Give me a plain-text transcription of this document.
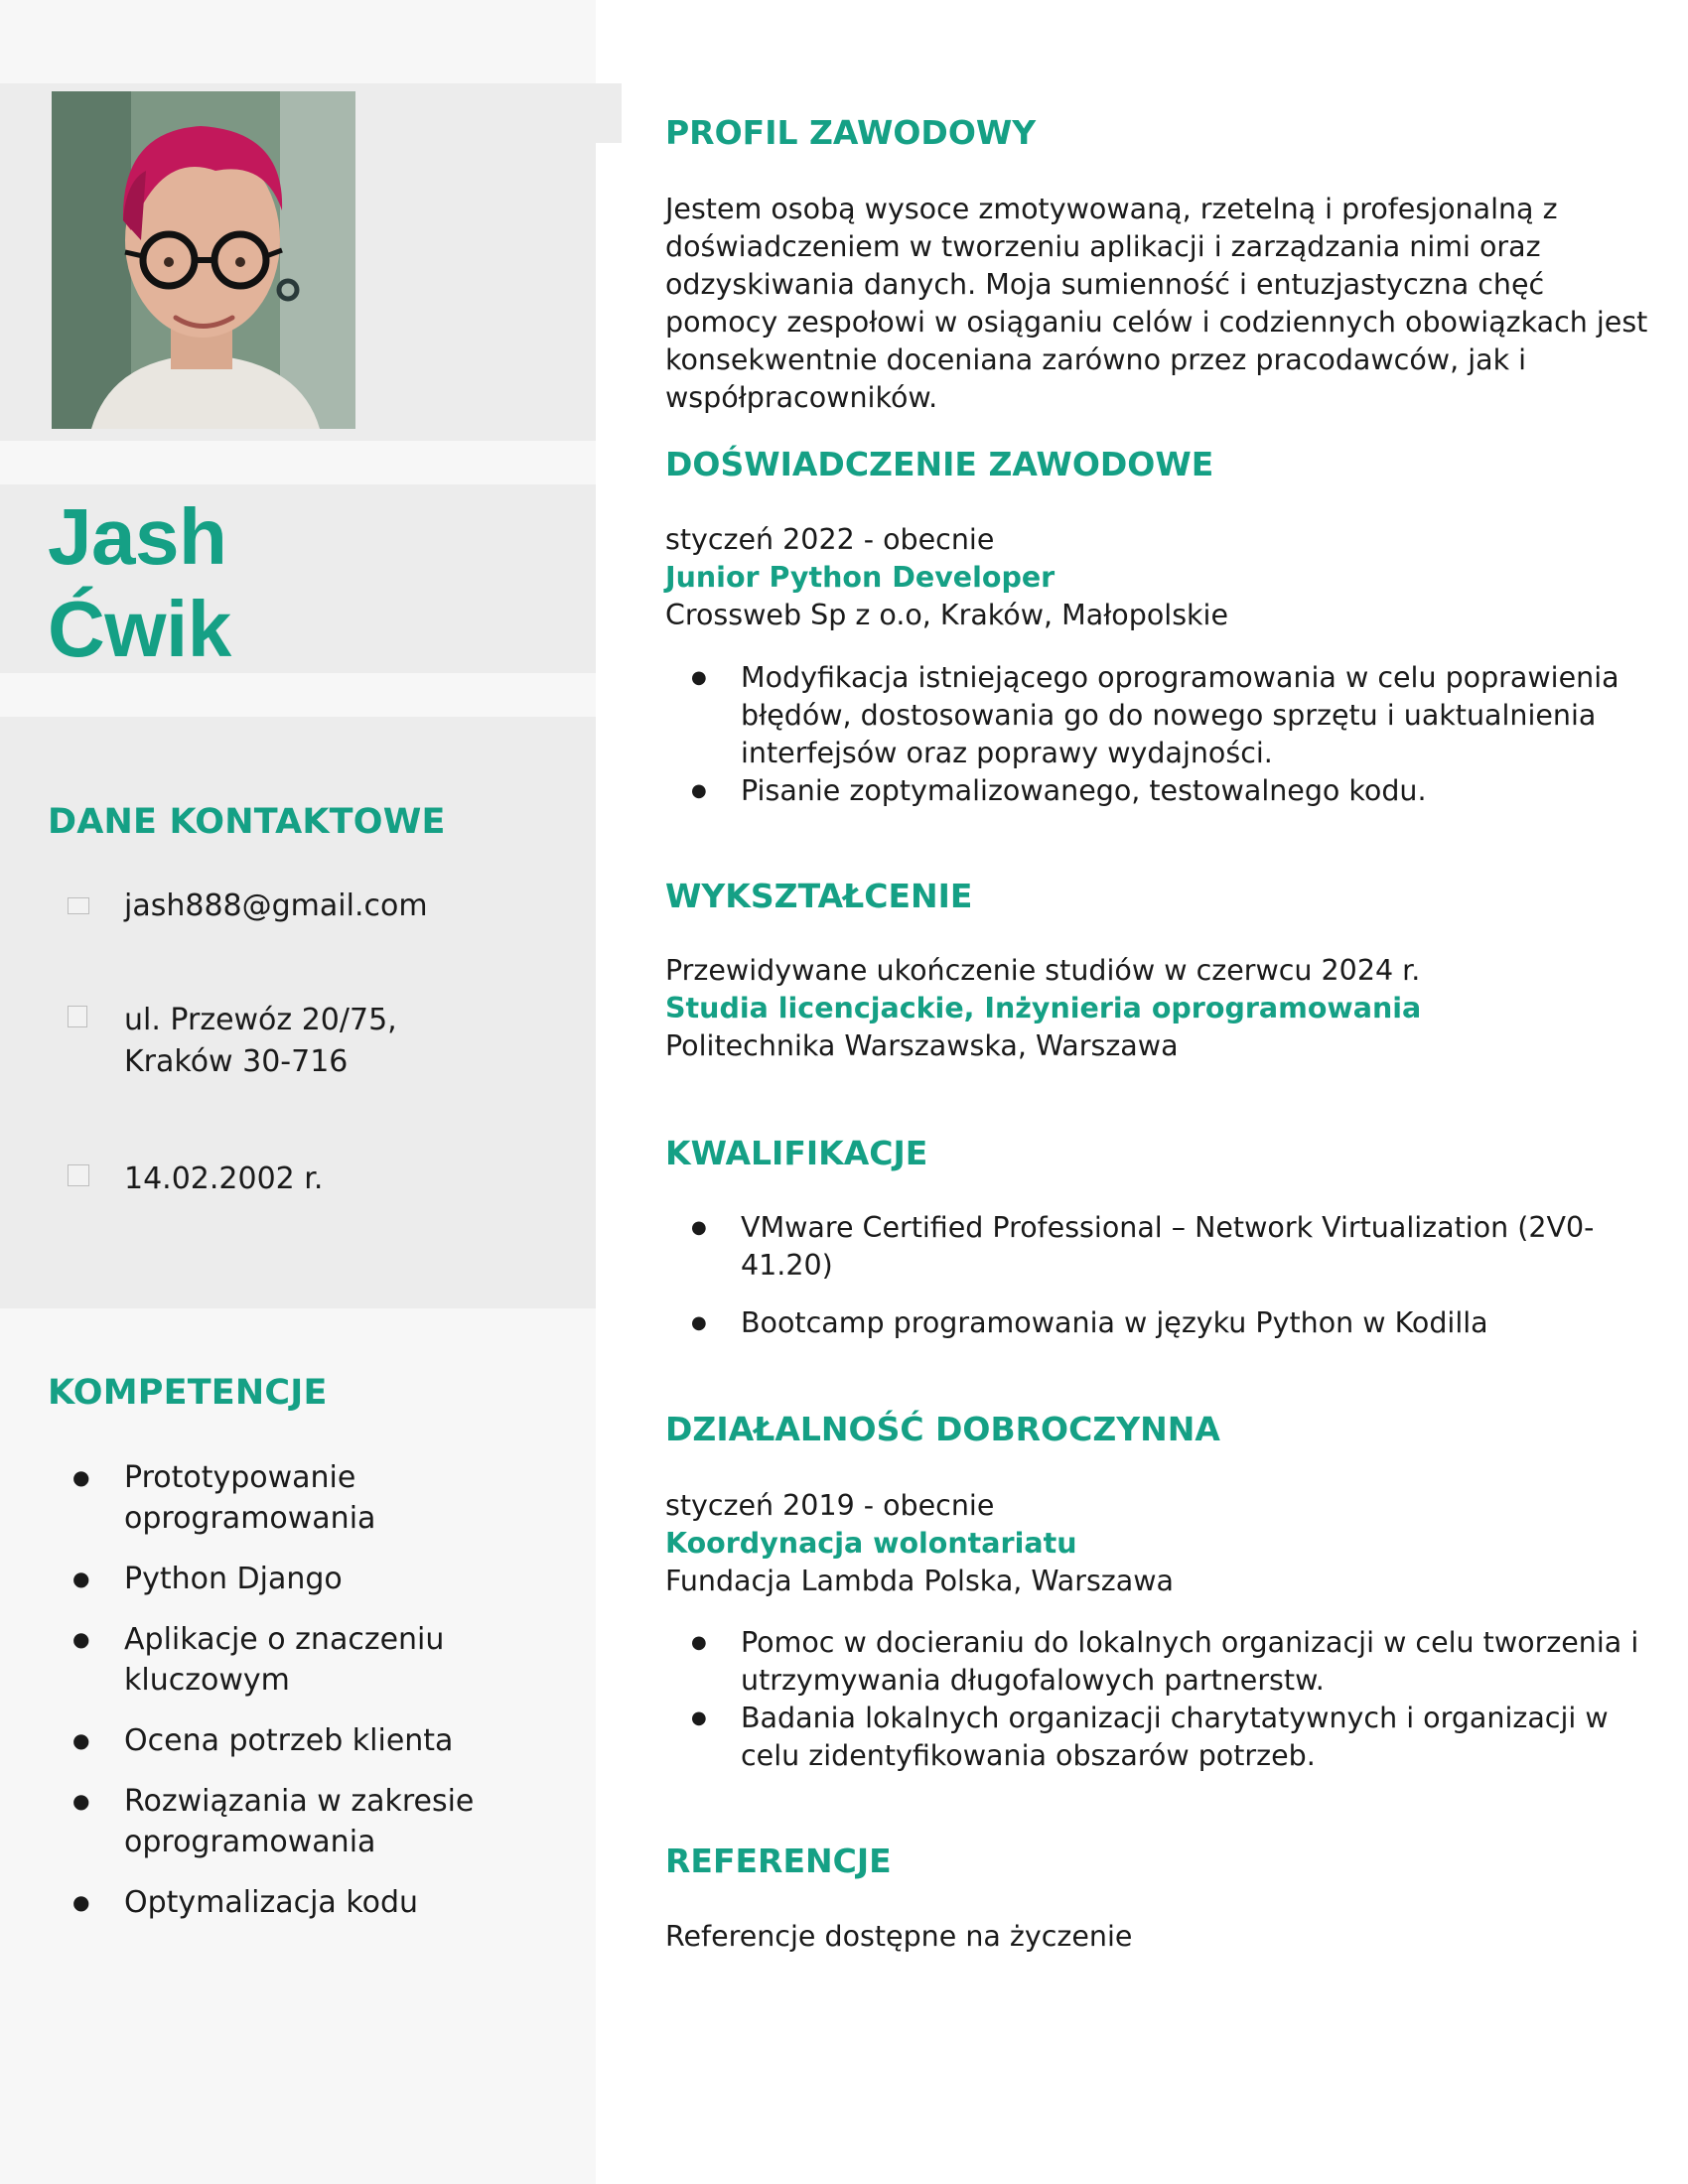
Jash
Ćwik
DANE KONTAKTOWE
jash888@gmail.com
ul. Przewóz 20/75,
Kraków 30-716
14.02.2002 r.
KOMPETENCJE
● Prototypowanie oprogramowania
● Python Django
● Aplikacje o znaczeniu kluczowym
● Ocena potrzeb klienta
● Rozwiązania w zakresie oprogramowania
● Optymalizacja kodu
PROFIL ZAWODOWY

Jestem osobą wysoce zmotywowaną, rzetelną i profesjonalną z doświadczeniem w tworzeniu aplikacji i zarządzania nimi oraz odzyskiwania danych. Moja sumienność i entuzjastyczna chęć pomocy zespołowi w osiąganiu celów i codziennych obowiązkach jest konsekwentnie doceniana zarówno przez pracodawców, jak i współpracowników.

DOŚWIADCZENIE ZAWODOWE

styczeń 2022 - obecnie

Junior Python Developer

Crossweb Sp z o.o, Kraków, Małopolskie

● Modyfikacja istniejącego oprogramowania w celu poprawienia błędów, dostosowania go do nowego sprzętu i uaktualnienia interfejsów oraz poprawy wydajności.
● Pisanie zoptymalizowanego, testowalnego kodu.
WYKSZTAŁCENIE

Przewidywane ukończenie studiów w czerwcu 2024 r.

Studia licencjackie, Inżynieria oprogramowania

Politechnika Warszawska, Warszawa

KWALIFIKACJE
● VMware Certified Professional – Network Virtualization (2V0-41.20)
● Bootcamp programowania w języku Python w Kodilla
DZIAŁALNOŚĆ DOBROCZYNNA

styczeń 2019 - obecnie

Koordynacja wolontariatu

Fundacja Lambda Polska, Warszawa

● Pomoc w docieraniu do lokalnych organizacji w celu tworzenia i utrzymywania długofalowych partnerstw.
● Badania lokalnych organizacji charytatywnych i organizacji w celu zidentyfikowania obszarów potrzeb.
REFERENCJE

Referencje dostępne na życzenie
